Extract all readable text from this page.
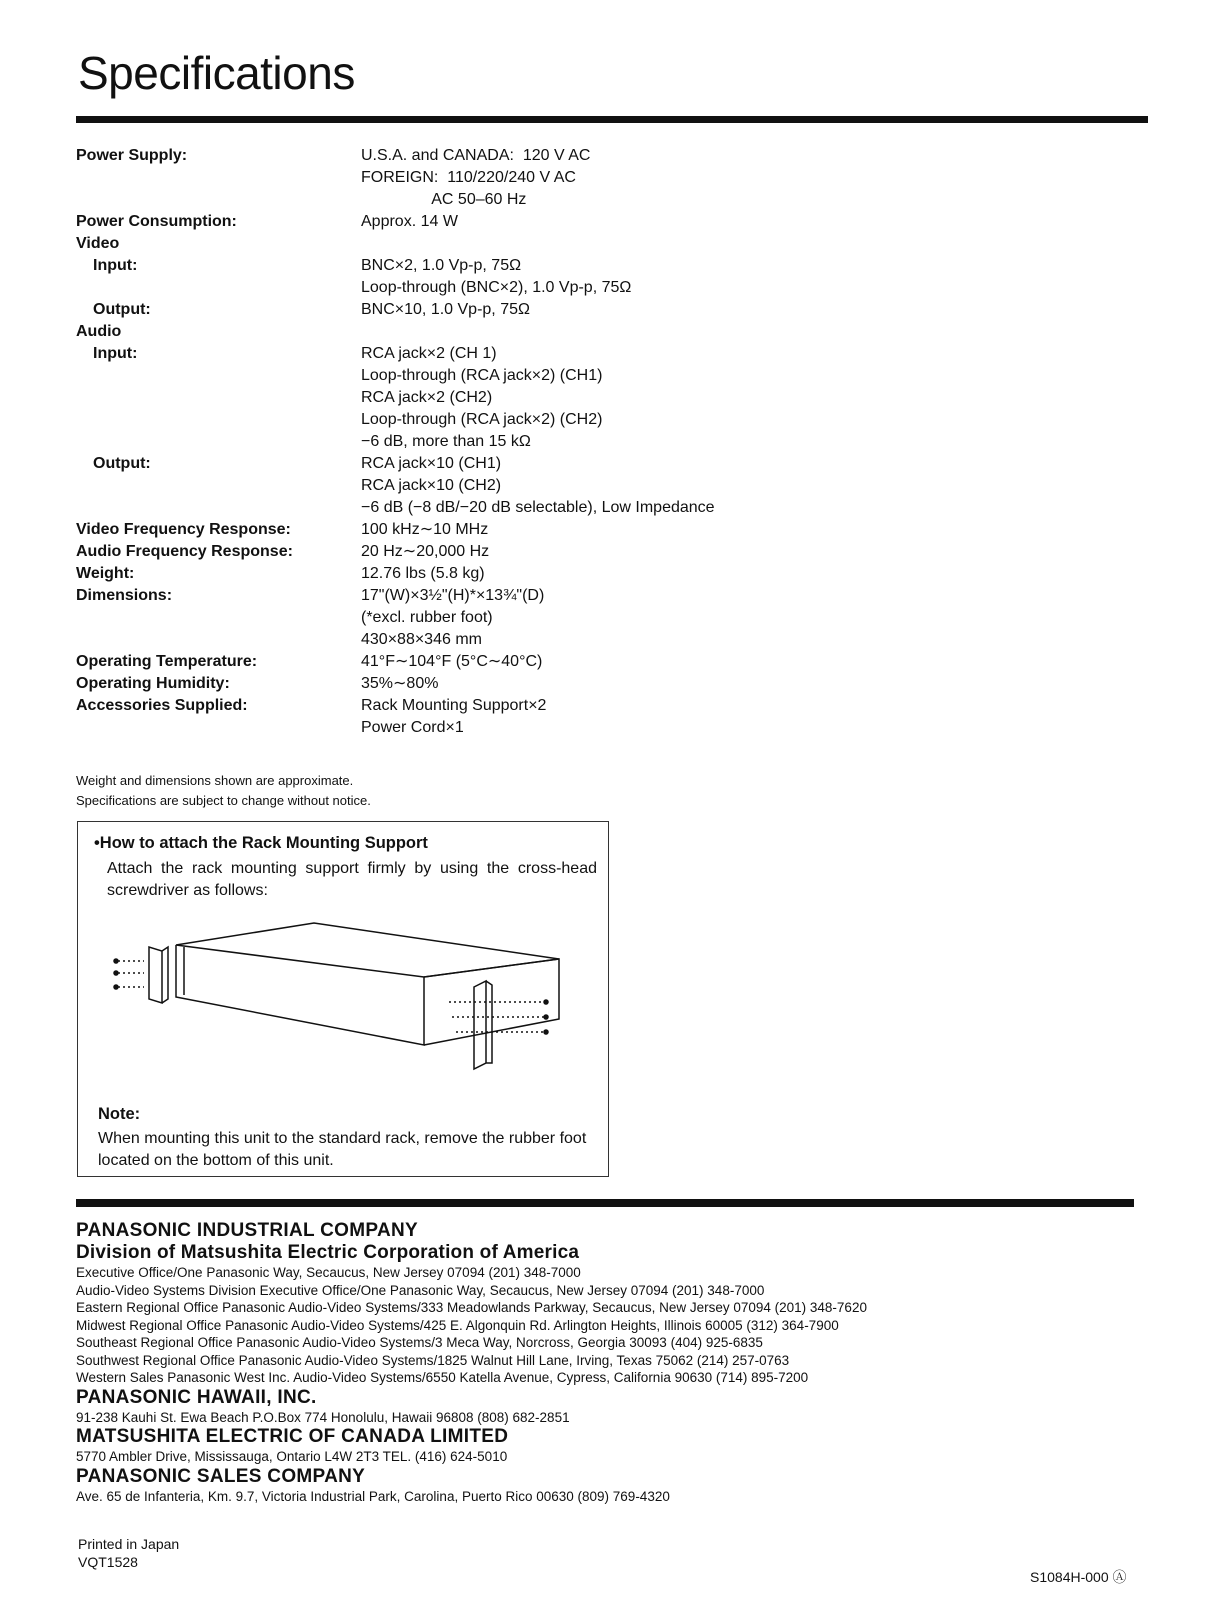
Specifications
Power Supply:	U.S.A. and CANADA:  120 V AC
FOREIGN:  110/220/240 V AC
AC 50–60 Hz
Power Consumption:	Approx. 14 W
Video
Input:	BNC×2, 1.0 Vp-p, 75Ω
Loop-through (BNC×2), 1.0 Vp-p, 75Ω
Output:	BNC×10, 1.0 Vp-p, 75Ω
Audio
Input:	RCA jack×2 (CH 1)
Loop-through (RCA jack×2) (CH1)
RCA jack×2 (CH2)
Loop-through (RCA jack×2) (CH2)
−6 dB, more than 15 kΩ
Output:	RCA jack×10 (CH1)
RCA jack×10 (CH2)
−6 dB (−8 dB/−20 dB selectable), Low Impedance
Video Frequency Response:	100 kHz∼10 MHz
Audio Frequency Response:	20 Hz∼20,000 Hz
Weight:	12.76 lbs (5.8 kg)
Dimensions:	17"(W)×3½"(H)*×13¾"(D)
(*excl. rubber foot)
430×88×346 mm
Operating Temperature:	41°F∼104°F (5°C∼40°C)
Operating Humidity:	35%∼80%
Accessories Supplied:	Rack Mounting Support×2
Power Cord×1
Weight and dimensions shown are approximate.
Specifications are subject to change without notice.
•How to attach the Rack Mounting Support
Attach the rack mounting support firmly by using the cross-head screwdriver as follows:
Note:
When mounting this unit to the standard rack, remove the rubber foot located on the bottom of this unit.
PANASONIC INDUSTRIAL COMPANY
Division of Matsushita Electric Corporation of America
Executive Office/One Panasonic Way, Secaucus, New Jersey 07094 (201) 348-7000
Audio-Video Systems Division Executive Office/One Panasonic Way, Secaucus, New Jersey 07094 (201) 348-7000
Eastern Regional Office Panasonic Audio-Video Systems/333 Meadowlands Parkway, Secaucus, New Jersey 07094 (201) 348-7620
Midwest Regional Office Panasonic Audio-Video Systems/425 E. Algonquin Rd. Arlington Heights, Illinois 60005 (312) 364-7900
Southeast Regional Office Panasonic Audio-Video Systems/3 Meca Way, Norcross, Georgia 30093 (404) 925-6835
Southwest Regional Office Panasonic Audio-Video Systems/1825 Walnut Hill Lane, Irving, Texas 75062 (214) 257-0763
Western Sales Panasonic West Inc. Audio-Video Systems/6550 Katella Avenue, Cypress, California 90630 (714) 895-7200
PANASONIC HAWAII, INC.
91-238 Kauhi St. Ewa Beach P.O.Box 774 Honolulu, Hawaii 96808 (808) 682-2851
MATSUSHITA ELECTRIC OF CANADA LIMITED
5770 Ambler Drive, Mississauga, Ontario L4W 2T3 TEL. (416) 624-5010
PANASONIC SALES COMPANY
Ave. 65 de Infanteria, Km. 9.7, Victoria Industrial Park, Carolina, Puerto Rico 00630 (809) 769-4320
Printed in Japan
VQT1528
S1084H-000 Ⓐ
